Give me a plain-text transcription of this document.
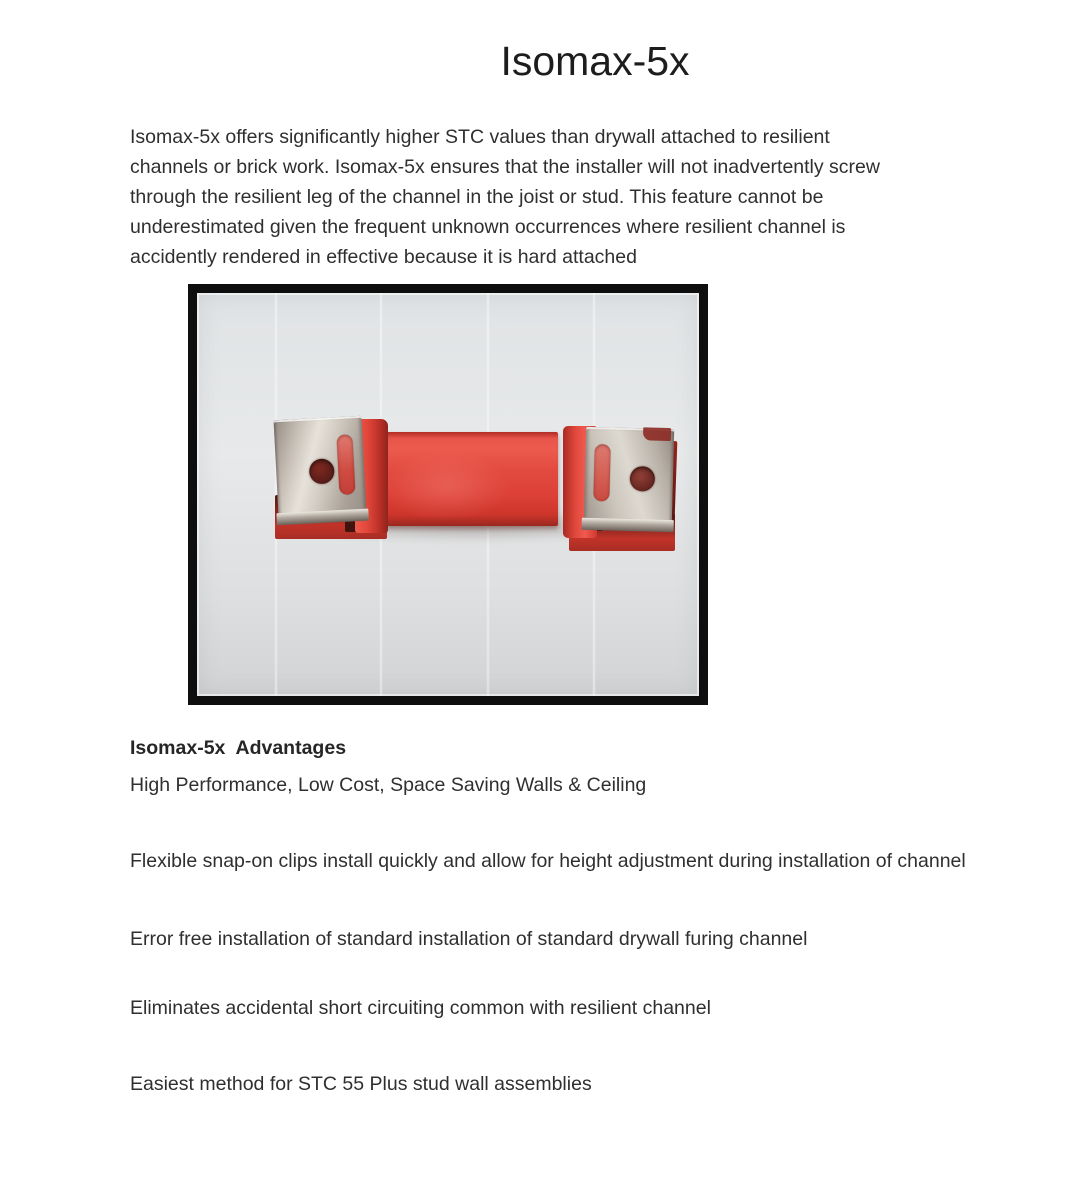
Isomax-5x
Isomax-5x offers significantly higher STC values than drywall attached to resilient
channels or brick work. Isomax-5x ensures that the installer will not inadvertently screw
through the resilient leg of the channel in the joist or stud. This feature cannot be
underestimated given the frequent unknown occurrences where resilient channel is
accidently rendered in effective because it is hard attached
Isomax-5x  Advantages
High Performance, Low Cost, Space Saving Walls & Ceiling
Flexible snap-on clips install quickly and allow for height adjustment during installation of channel
Error free installation of standard installation of standard drywall furing channel
Eliminates accidental short circuiting common with resilient channel
Easiest method for STC 55 Plus stud wall assemblies
